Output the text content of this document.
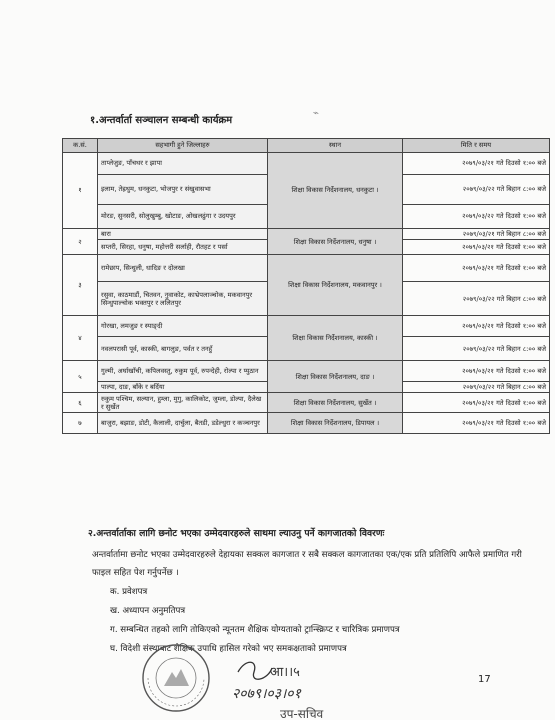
⌁
१.अन्तर्वार्ता सञ्चालन सम्बन्धी कार्यक्रम
क.सं.	सहभागी हुने जिल्लाहरु	स्थान	मिति र समय
१	ताप्लेजुङ, पाँचथर र झापा	शिक्षा विकास निर्देशनालय, धनकुटा ।	२०७९/०३/२१ गते दिउसो १:०० बजे
	इलाम, तेह्रथुम, धनकुटा, भोजपुर र संखुवासभा		२०७९/०३/२२ गते बिहान ८:०० बजे
	मोरङ, सुनसरी, सोलुखुम्बु, खोटाङ, ओखलढुंगा र उदयपुर		२०७९/०३/२२ गते दिउसो १:०० बजे
२	बारा	शिक्षा विकास निर्देशनालय, धनुषा ।	२०७९/०३/२१ गते बिहान ८:०० बजे
	सप्तरी, सिरहा, धनुषा, महोत्तरी सर्लाही, रौतहट र पर्सा		२०७९/०३/२१ गते दिउसो १:०० बजे
३	रामेछाप, सिन्धुली, धादिङ र दोलखा	शिक्षा विकास निर्देशनालय, मकवानपुर ।	२०७९/०३/२१ गते दिउसो १:०० बजे
	रसुवा, काठमाडौं, चितवन, नुवाकोट, काभ्रेपलाञ्चोक, मकवानपुर सिन्धुपाल्चोक भक्तपुर र ललितपुर		२०७९/०३/२२ गते बिहान ८:०० बजे
४	गोरखा, लमजुङ र स्याङ्दी	शिक्षा विकास निर्देशनालय, कास्की ।	२०७९/०३/२१ गते दिउसो १:०० बजे
	नवलपरासी पूर्व, कास्की, बागलुङ, पर्वत र तनहुँ		२०७९/०३/२२ गते बिहान ८:०० बजे
५	गुल्मी, अर्घाखाँची, कपिलवस्तु, रुकुम पूर्व, रुपन्देही, रोल्पा र प्युठान	शिक्षा विकास निर्देशनालय, दाङ ।	२०७९/०३/२१ गते दिउसो १:०० बजे
	पाल्पा, दाङ, बाँके र बर्दिया		२०७९/०३/२२ गते बिहान ८:०० बजे
६	रुकुम पश्चिम, सल्यान, हुम्ला, मुगु, कालिकोट, जुम्ला, डोल्पा, दैलेख र सुर्खेत	शिक्षा विकास निर्देशनालय, सुर्खेत ।	२०७९/०३/२१ गते दिउसो १:०० बजे
७	बाजुरा, बझाङ, डोटी, कैलाली, दार्चुला, बैतडी, डडेल्धुरा र कञ्चनपुर	शिक्षा विकास निर्देशनालय, डिपायल ।	२०७९/०३/२१ गते दिउसो १:०० बजे
२.अन्तर्वार्ताका लागि छनोट भएका उम्मेदवारहरुले साथमा ल्याउनु पर्ने कागजातको विवरणः
अन्तर्वार्तामा छनोट भएका उम्मेदवारहरुले देहायका सक्कल कागजात र सबै सक्कल कागजातका एक/एक प्रति प्रतिलिपि आफैले प्रमाणित गरी फाइल सहित पेश गर्नुपर्नेछ ।
क. प्रवेशपत्र
ख. अध्यापन अनुमतिपत्र
ग. सम्बन्धित तहको लागि तोकिएको न्यूनतम शैक्षिक योग्यताको ट्रान्स्क्रिप्ट र चारित्रिक प्रमाणपत्र
घ. विदेशी संस्थाबाट शैक्षिक उपाधि हासिल गरेको भए समकक्षताको प्रमाणपत्र
आ।।५
२०७९।०३।०१
उप-सचिव
17
